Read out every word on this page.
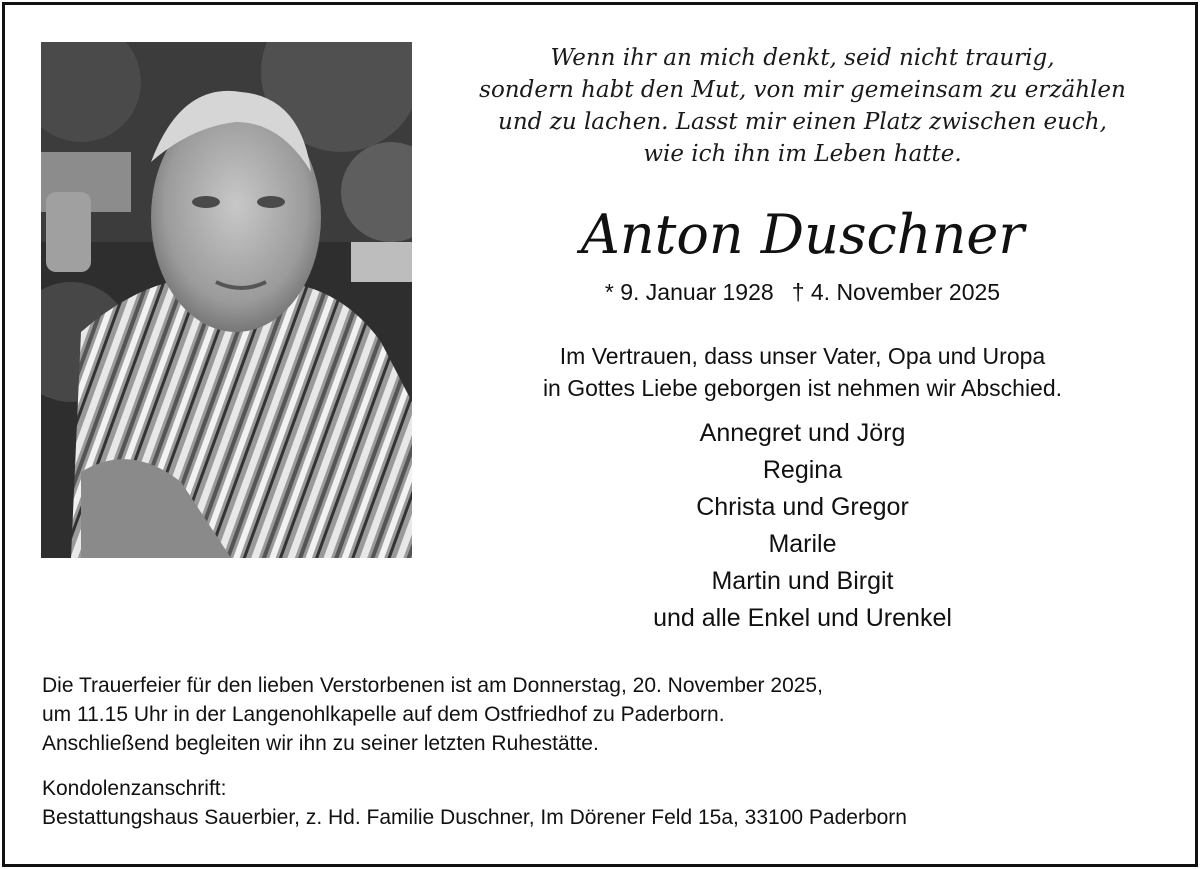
Wenn ihr an mich denkt, seid nicht traurig,
sondern habt den Mut, von mir gemeinsam zu erzählen
und zu lachen. Lasst mir einen Platz zwischen euch,
wie ich ihn im Leben hatte.
Anton Duschner
* 9. Januar 1928 † 4. November 2025
Im Vertrauen, dass unser Vater, Opa und Uropa
in Gottes Liebe geborgen ist nehmen wir Abschied.
Annegret und Jörg
Regina
Christa und Gregor
Marile
Martin und Birgit
und alle Enkel und Urenkel
Die Trauerfeier für den lieben Verstorbenen ist am Donnerstag, 20. November 2025,
um 11.15 Uhr in der Langenohlkapelle auf dem Ostfriedhof zu Paderborn.
Anschließend begleiten wir ihn zu seiner letzten Ruhestätte.
Kondolenzanschrift:
Bestattungshaus Sauerbier, z. Hd. Familie Duschner, Im Dörener Feld 15a, 33100 Paderborn
